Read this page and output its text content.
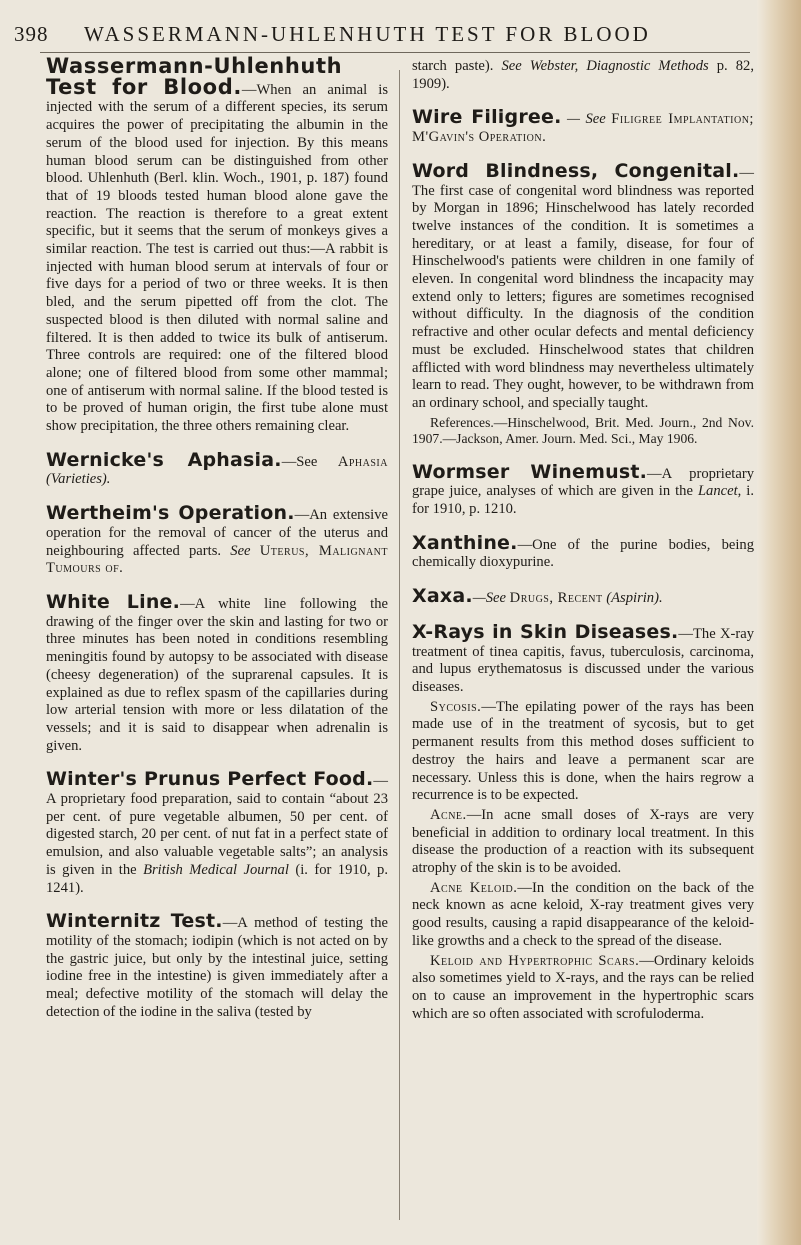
398 WASSERMANN-UHLENHUTH TEST FOR BLOOD

Wassermann-Uhlenhuth Test for Blood.—When an animal is injected with the serum of a different species, its serum acquires the power of precipitating the albumin in the serum of the blood used for injection. By this means human blood serum can be distinguished from other blood. Uhlenhuth (Berl. klin. Woch., 1901, p. 187) found that of 19 bloods tested human blood alone gave the reaction. The reaction is therefore to a great extent specific, but it seems that the serum of monkeys gives a similar reaction. The test is carried out thus:—A rabbit is injected with human blood serum at intervals of four or five days for a period of two or three weeks. It is then bled, and the serum pipetted off from the clot. The suspected blood is then diluted with normal saline and filtered. It is then added to twice its bulk of antiserum. Three controls are required: one of the filtered blood alone; one of filtered blood from some other mammal; one of antiserum with normal saline. If the blood tested is to be proved of human origin, the first tube alone must show precipitation, the three others remaining clear.

Wernicke's Aphasia.—See Aphasia (Varieties).

Wertheim's Operation.—An extensive operation for the removal of cancer of the uterus and neighbouring affected parts. See Uterus, Malignant Tumours of.

White Line.—A white line following the drawing of the finger over the skin and lasting for two or three minutes has been noted in conditions resembling meningitis found by autopsy to be associated with disease (cheesy degeneration) of the suprarenal capsules. It is explained as due to reflex spasm of the capillaries during low arterial tension with more or less dilatation of the vessels; and it is said to disappear when adrenalin is given.

Winter's Prunus Perfect Food.—A proprietary food preparation, said to contain “about 23 per cent. of pure vegetable albumen, 50 per cent. of digested starch, 20 per cent. of nut fat in a perfect state of emulsion, and also valuable vegetable salts”; an analysis is given in the British Medical Journal (i. for 1910, p. 1241).

Winternitz Test.—A method of testing the motility of the stomach; iodipin (which is not acted on by the gastric juice, but only by the intestinal juice, setting iodine free in the intestine) is given immediately after a meal; defective motility of the stomach will delay the detection of the iodine in the saliva (tested by

starch paste). See Webster, Diagnostic Methods p. 82, 1909).

Wire Filigree. — See Filigree Implantation; M'Gavin's Operation.

Word Blindness, Congenital.—The first case of congenital word blindness was reported by Morgan in 1896; Hinschelwood has lately recorded twelve instances of the condition. It is sometimes a hereditary, or at least a family, disease, for four of Hinschelwood's patients were children in one family of eleven. In congenital word blindness the incapacity may extend only to letters; figures are sometimes recognised without difficulty. In the diagnosis of the condition refractive and other ocular defects and mental deficiency must be excluded. Hinschelwood states that children afflicted with word blindness may nevertheless ultimately learn to read. They ought, however, to be withdrawn from an ordinary school, and specially taught.

References.—Hinschelwood, Brit. Med. Journ., 2nd Nov. 1907.—Jackson, Amer. Journ. Med. Sci., May 1906.

Wormser Winemust.—A proprietary grape juice, analyses of which are given in the Lancet, i. for 1910, p. 1210.

Xanthine.—One of the purine bodies, being chemically dioxypurine.

Xaxa.—See Drugs, Recent (Aspirin).

X-Rays in Skin Diseases.—The X-ray treatment of tinea capitis, favus, tuberculosis, carcinoma, and lupus erythematosus is discussed under the various diseases.

Sycosis.—The epilating power of the rays has been made use of in the treatment of sycosis, but to get permanent results from this method doses sufficient to destroy the hairs and leave a permanent scar are necessary. Unless this is done, when the hairs regrow a recurrence is to be expected.

Acne.—In acne small doses of X-rays are very beneficial in addition to ordinary local treatment. In this disease the production of a reaction with its subsequent atrophy of the skin is to be avoided.

Acne Keloid.—In the condition on the back of the neck known as acne keloid, X-ray treatment gives very good results, causing a rapid disappearance of the keloid-like growths and a check to the spread of the disease.

Keloid and Hypertrophic Scars.—Ordinary keloids also sometimes yield to X-rays, and the rays can be relied on to cause an improvement in the hypertrophic scars which are so often associated with scrofuloderma.
